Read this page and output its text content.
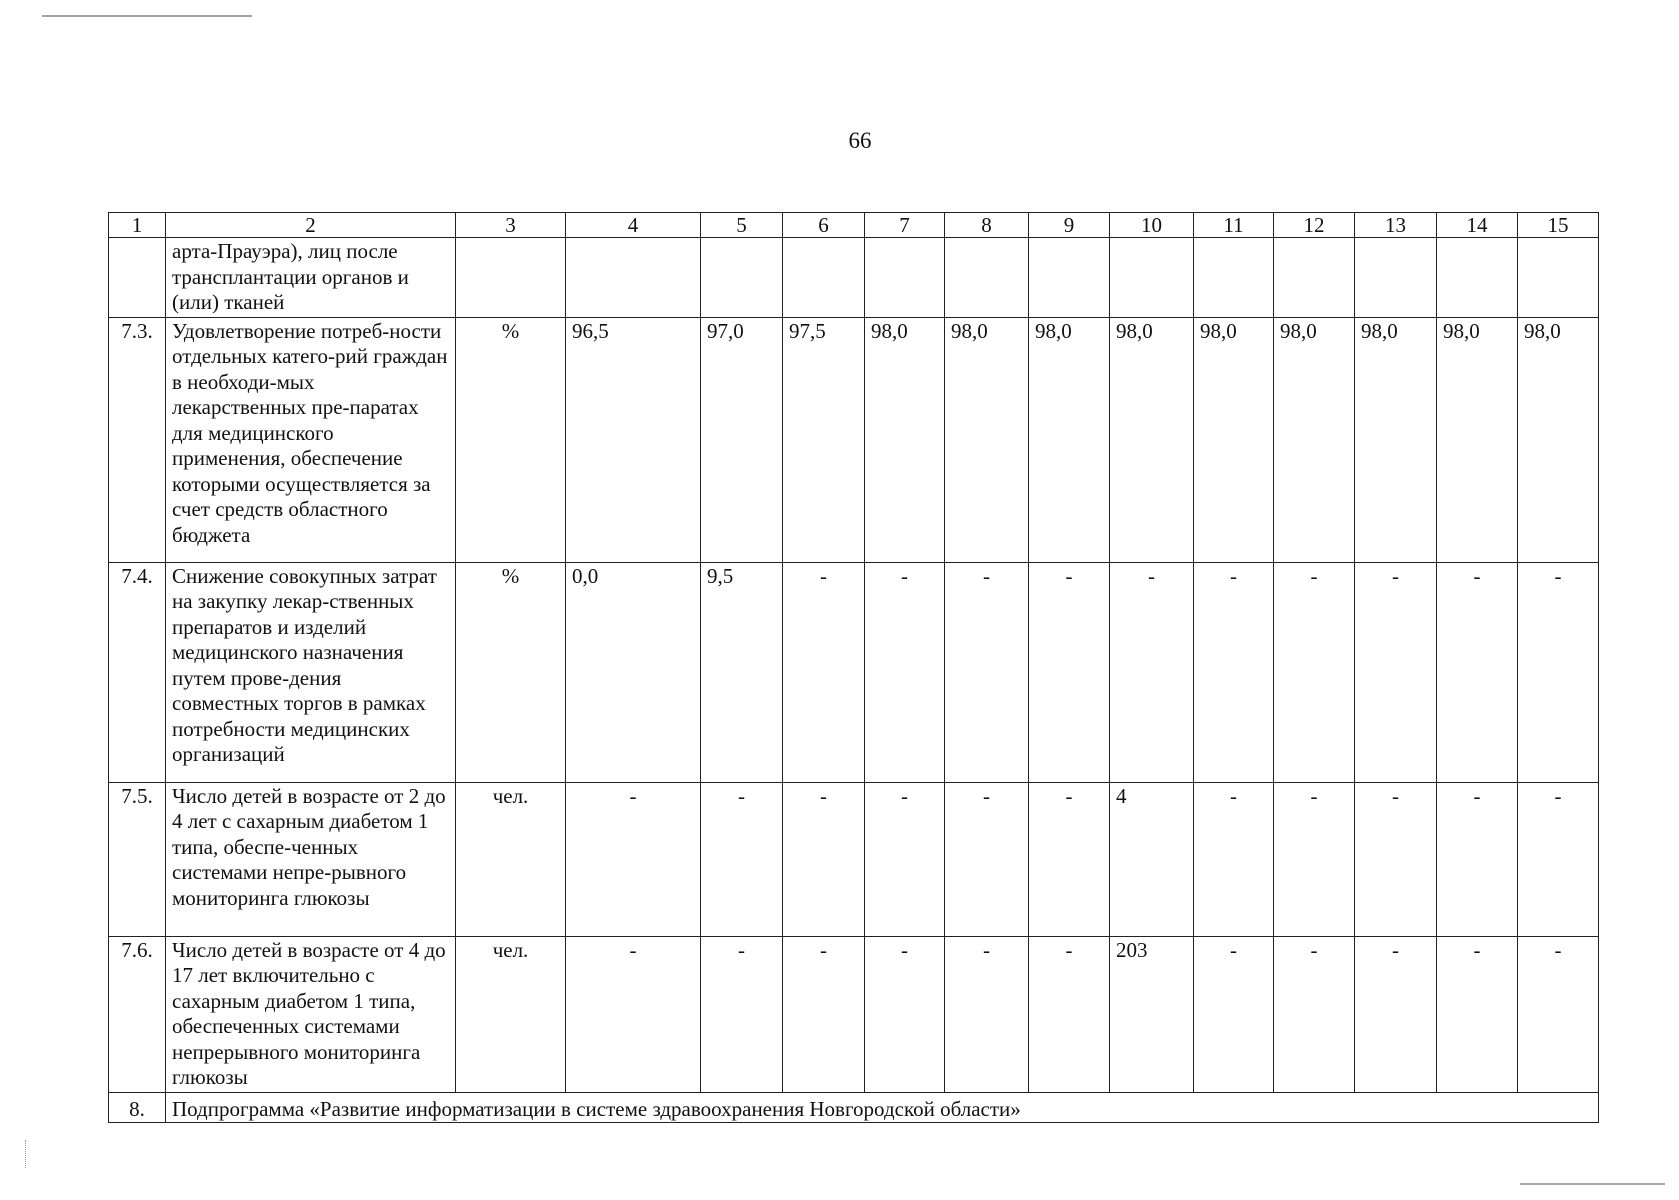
66
1	2	3	4	5	6	7	8	9	10	11	12	13	14	15
	арта-Прауэра), лиц после трансплантации органов и (или) тканей													
7.3.	Удовлетворение потреб-ности отдельных катего-рий граждан в необходи-мых лекарственных пре-паратах для медицинского применения, обеспечение которыми осуществляется за счет средств областного бюджета	%	96,5	97,0	97,5	98,0	98,0	98,0	98,0	98,0	98,0	98,0	98,0	98,0
7.4.	Снижение совокупных затрат на закупку лекар-ственных препаратов и изделий медицинского назначения путем прове-дения совместных торгов в рамках потребности медицинских организаций	%	0,0	9,5	-	-	-	-	-	-	-	-	-	-
7.5.	Число детей в возрасте от 2 до 4 лет с сахарным диабетом 1 типа, обеспе-ченных системами непре-рывного мониторинга глюкозы	чел.	-	-	-	-	-	-	4	-	-	-	-	-
7.6.	Число детей в возрасте от 4 до 17 лет включительно с сахарным диабетом 1 типа, обеспеченных системами непрерывного мониторинга глюкозы	чел.	-	-	-	-	-	-	203	-	-	-	-	-
8.	Подпрограмма «Развитие информатизации в системе здравоохранения Новгородской области»													
